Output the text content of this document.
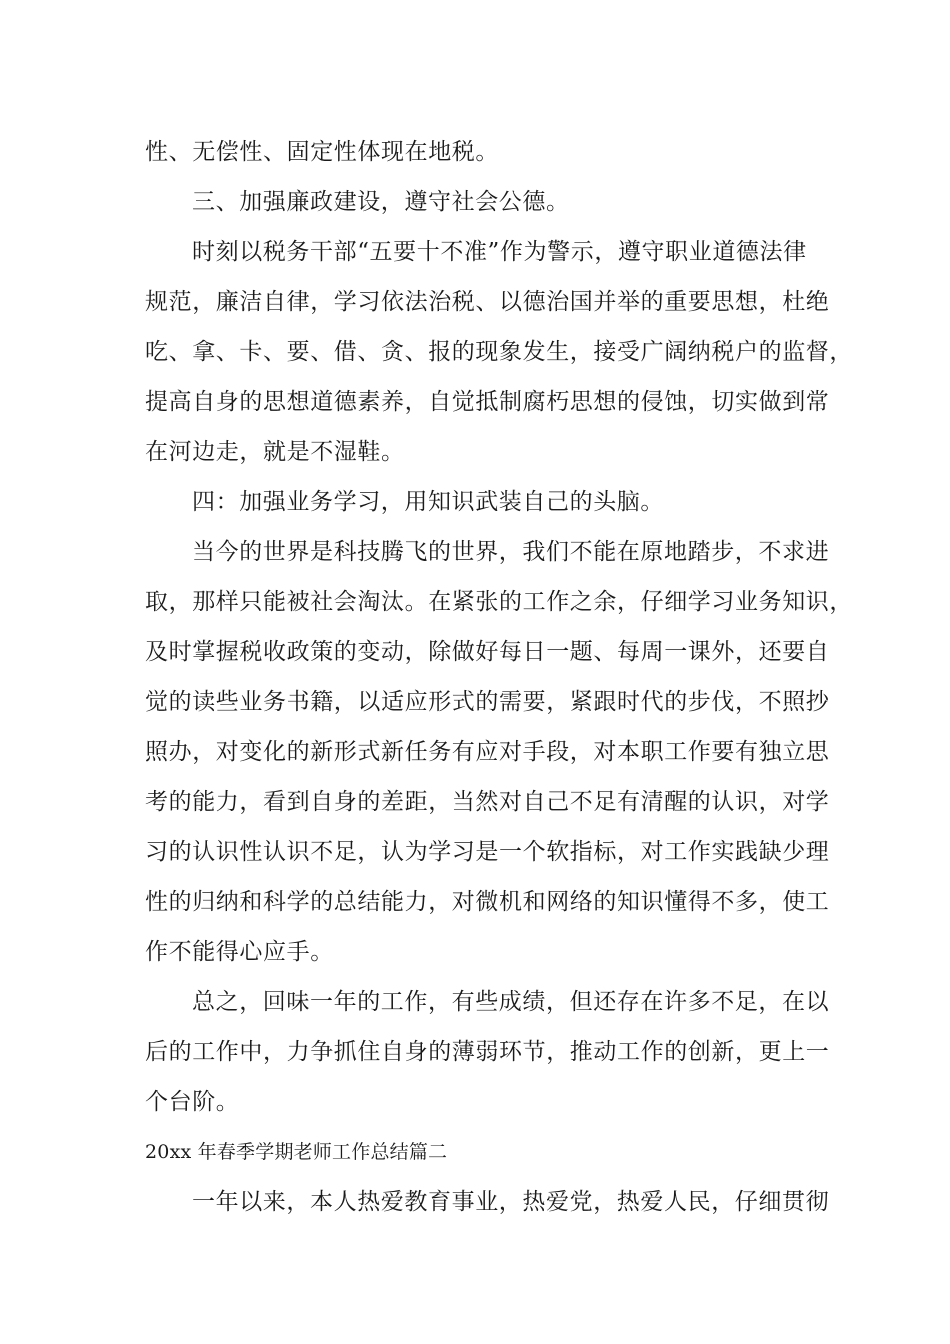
性、无偿性、固定性体现在地税。

三、加强廉政建设，遵守社会公德。

时刻以税务干部“五要十不准”作为警示，遵守职业道德法律

规范，廉洁自律，学习依法治税、以德治国并举的重要思想，杜绝

吃、拿、卡、要、借、贪、报的现象发生，接受广阔纳税户的监督，

提高自身的思想道德素养，自觉抵制腐朽思想的侵蚀，切实做到常

在河边走，就是不湿鞋。

四：加强业务学习，用知识武装自己的头脑。

当今的世界是科技腾飞的世界，我们不能在原地踏步，不求进

取，那样只能被社会淘汰。在紧张的工作之余，仔细学习业务知识，

及时掌握税收政策的变动，除做好每日一题、每周一课外，还要自

觉的读些业务书籍，以适应形式的需要，紧跟时代的步伐，不照抄

照办，对变化的新形式新任务有应对手段，对本职工作要有独立思

考的能力，看到自身的差距，当然对自己不足有清醒的认识，对学

习的认识性认识不足，认为学习是一个软指标，对工作实践缺少理

性的归纳和科学的总结能力，对微机和网络的知识懂得不多，使工

作不能得心应手。

总之，回味一年的工作，有些成绩，但还存在许多不足，在以

后的工作中，力争抓住自身的薄弱环节，推动工作的创新，更上一

个台阶。

20xx 年春季学期老师工作总结篇二

一年以来，本人热爱教育事业，热爱党，热爱人民，仔细贯彻
